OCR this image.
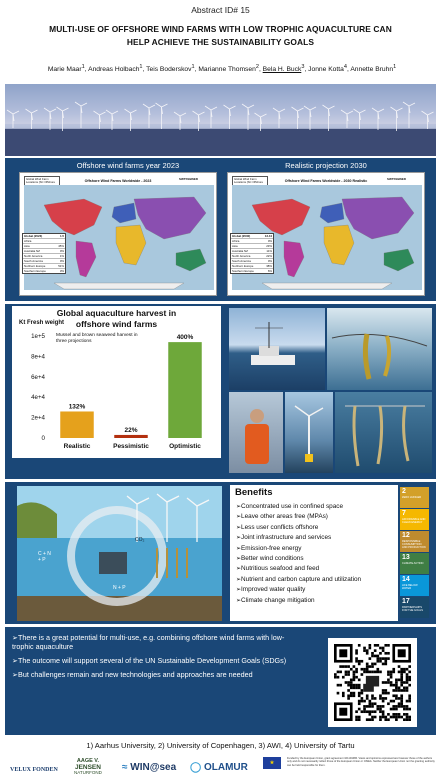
Abstract ID# 15
MULTI-USE OF OFFSHORE WIND FARMS WITH LOW TROPHIC AQUACULTURE CAN
HELP ACHIEVE THE SUSTAINABILITY GOALS
Marie Maar$^1$, Andreas Holbach$^1$, Teis Boderskov$^1$, Marianne Thomsen$^2$, Bela H. Buck$^3$, Jonne Kotta$^4$, Annette Bruhn$^1$
Offshore wind farms year 2023	Realistic projection 2030
Global Wind Farm Locations (SC Offshore	Offshore Wind Farms Worldwide - 2023	SWTFEBNED
Global (2023)	1.5
Africa
Asia	45%
Australia NZ	0%
North America	1%
South America	0%
Northern Europe	51%
Southern Europe	3%
Global Wind Farm Locations (SC Offshore	Offshore Wind Farms Worldwide - 2030 Realistic	SWTFEBNED
Global (2030)	13.44
Africa	0%
Asia	23%
Australia NZ	11%
North America	22%
South America	0%
Northern Europe	38%
Southern Europe	6%
Global aquaculture harvest in
offshore wind farms
Kt Fresh weight
Mussel and brown seaweed harvest in three projections
1e+5
8e+4
6e+4
4e+4
2e+4
0
132%
Realistic
22%
Pessimistic
400%
Optimistic
CO₂
C + N
+ P
N + P
Benefits
➢ Concentrated use in confined space
➢ Leave other areas free (MPAs)
➢ Less user conflicts offshore
➢ Joint infrastructure and services
➢ Emission-free energy
➢ Better wind conditions
➢ Nutritious seafood and feed
➢ Nutrient and carbon capture and utilization
➢ Improved water quality
➢ Climate change mitigation
2
ZERO HUNGER
7
AFFORDABLE AND CLEAN ENERGY
12
RESPONSIBLE CONSUMPTION AND PRODUCTION
13
CLIMATE ACTION
14
LIFE BELOW WATER
17
PARTNERSHIPS FOR THE GOALS
➢ There is a great potential for multi-use, e.g. combining offshore wind farms with low-trophic aquaculture
➢ The outcome will support several of the UN Sustainable Development Goals (SDGs)
➢ But challenges remain and new technologies and approaches are needed
1) Aarhus University, 2) University of Copenhagen, 3) AWI, 4) University of Tartu
VELUX FONDEN
AAGE V.
JENSEN
NATURFOND ≈ WIN@sea ◯ OLAMUR	★
Funded by the European Union, grant agreement 101104486. Views and opinions expressed are however those of the authors only and do not necessarily reflect those of the European Union or CINEA. Neither the European Union nor the granting authority can be held responsible for them.
